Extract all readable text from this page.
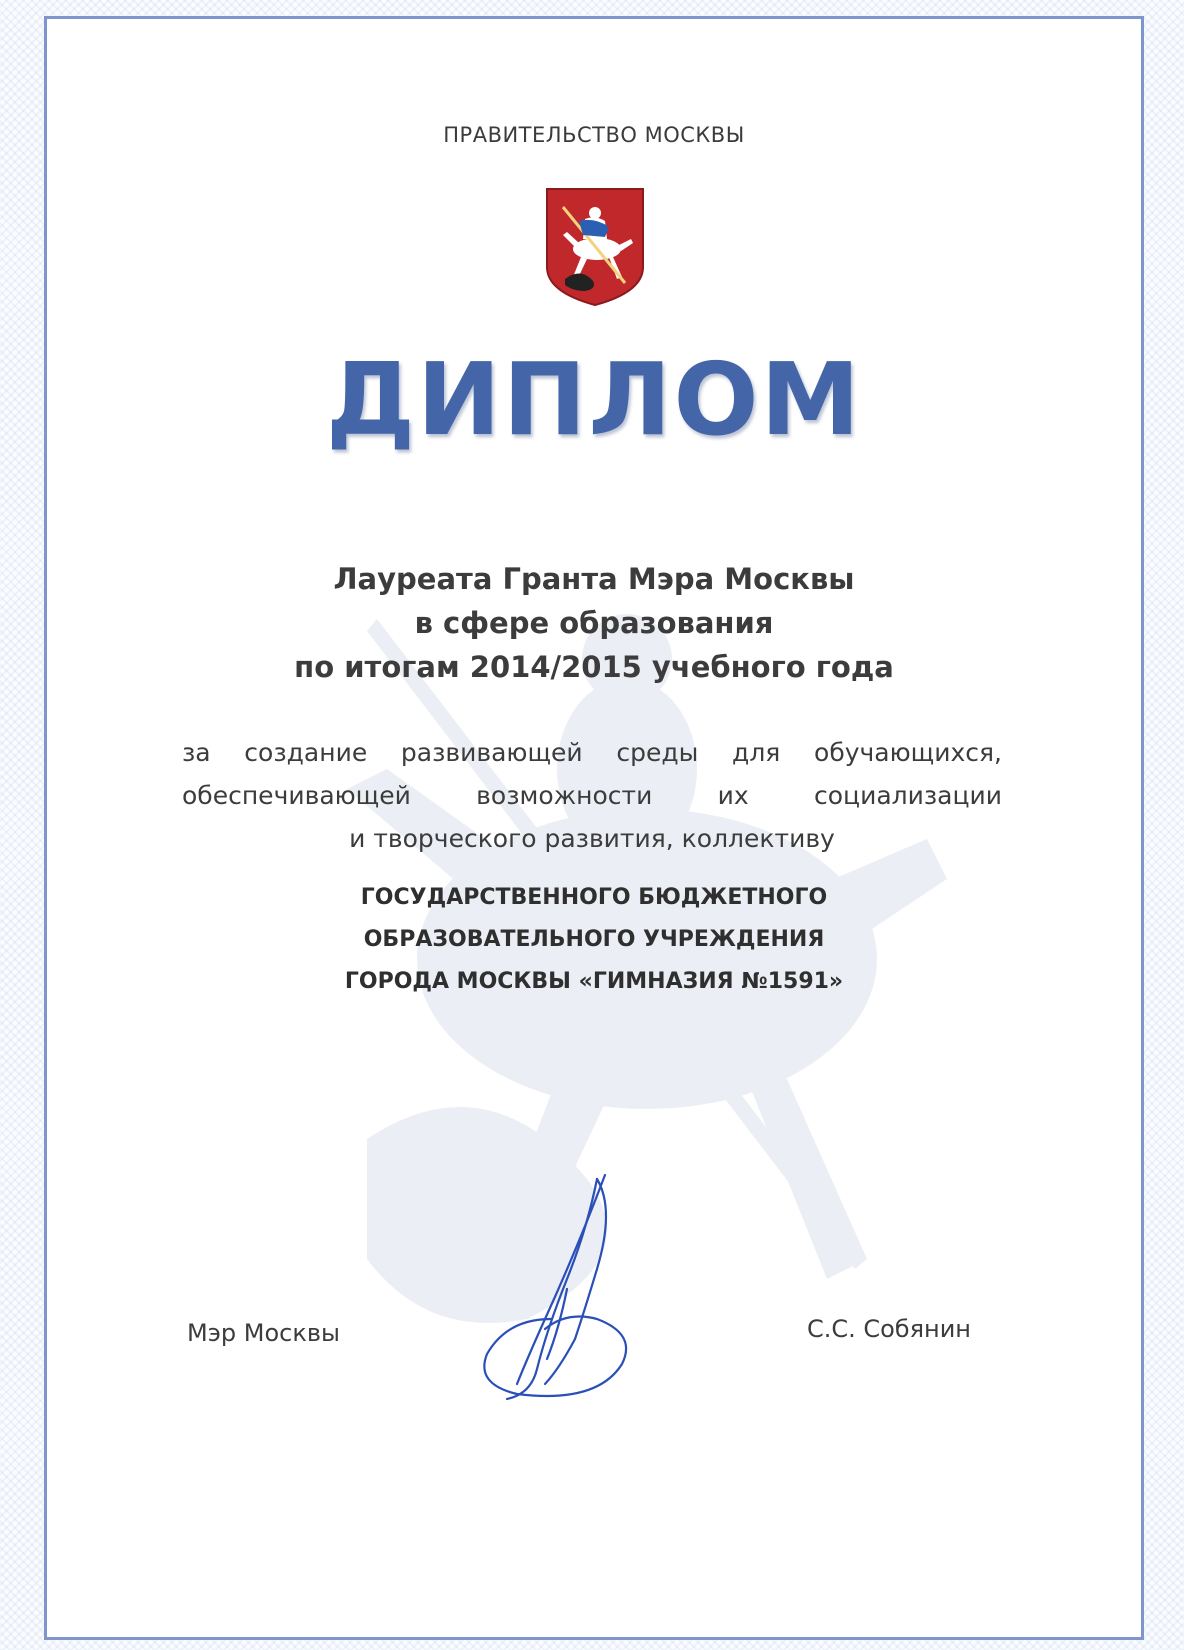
ПРАВИТЕЛЬСТВО МОСКВЫ
ДИПЛОМ
Лауреата Гранта Мэра Москвы
в сфере образования
по итогам 2014/2015 учебного года
за создание развивающей среды для обучающихся,
обеспечивающей возможности их социализации
и творческого развития, коллективу
ГОСУДАРСТВЕННОГО БЮДЖЕТНОГО
ОБРАЗОВАТЕЛЬНОГО УЧРЕЖДЕНИЯ
ГОРОДА МОСКВЫ «ГИМНАЗИЯ №1591»
Мэр Москвы	С.С. Собянин
